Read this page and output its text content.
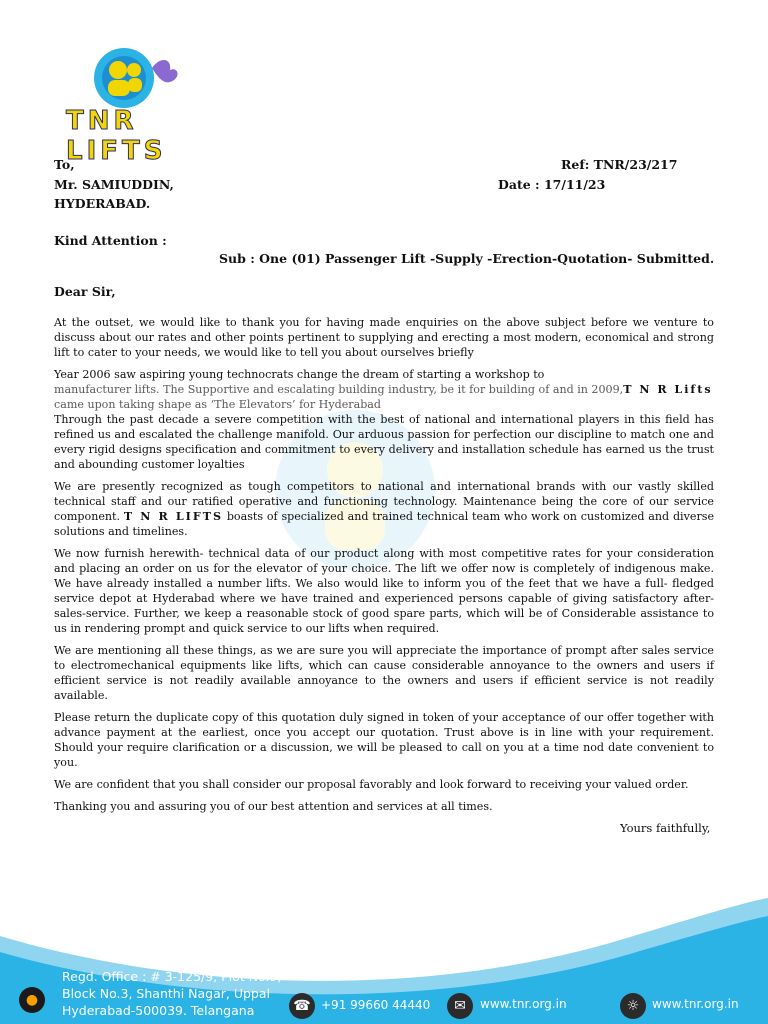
TNR LIFTS
To,	Ref: TNR/23/217
Mr. SAMIUDDIN,	Date : 17/11/23
HYDERABAD.
Kind Attention :
Sub : One (01) Passenger Lift -Supply -Erection-Quotation- Submitted.
Dear Sir,

At the outset, we would like to thank you for having made enquiries on the above subject before we venture to discuss about our rates and other points pertinent to supplying and erecting a most modern, economical and strong lift to cater to your needs, we would like to tell you about ourselves briefly

Year 2006 saw aspiring young technocrats change the dream of starting a workshop to
manufacturer lifts. The Supportive and escalating building industry, be it for building of and in 2009,T N R Lifts
came upon taking shape as ‘The Elevators’ for Hyderabad

Through the past decade a severe competition with the best of national and international players in this field has refined us and escalated the challenge manifold. Our arduous passion for perfection our discipline to match one and every rigid designs specification and commitment to every delivery and installation schedule has earned us the trust and abounding customer loyalties

We are presently recognized as tough competitors to national and international brands with our vastly skilled technical staff and our ratified operative and functioning technology. Maintenance being the core of our service component. T N R LIFTS boasts of specialized and trained technical team who work on customized and diverse solutions and timelines.

We now furnish herewith- technical data of our product along with most competitive rates for your consideration and placing an order on us for the elevator of your choice. The lift we offer now is completely of indigenous make. We have already installed a number lifts. We also would like to inform you of the feet that we have a full- fledged service depot at Hyderabad where we have trained and experienced persons capable of giving satisfactory after-sales-service. Further, we keep a reasonable stock of good spare parts, which will be of Considerable assistance to us in rendering prompt and quick service to our lifts when required.

We are mentioning all these things, as we are sure you will appreciate the importance of prompt after sales service to electromechanical equipments like lifts, which can cause considerable annoyance to the owners and users if efficient service is not readily available annoyance to the owners and users if efficient service is not readily available.

Please return the duplicate copy of this quotation duly signed in token of your acceptance of our offer together with advance payment at the earliest, once you accept our quotation. Trust above is in line with your requirement. Should your require clarification or a discussion, we will be pleased to call on you at a time nod date convenient to you.

We are confident that you shall consider our proposal favorably and look forward to receiving your valued order.

Thanking you and assuring you of our best attention and services at all times.

Yours faithfully,
●
Regd. Office : # 3-125/9, Plot No.9,
Block No.3, Shanthi Nagar, Uppal
Hyderabad-500039. Telangana	☎ +91 99660 44440	✉	www.tnr.org.in	☼	www.tnr.org.in
